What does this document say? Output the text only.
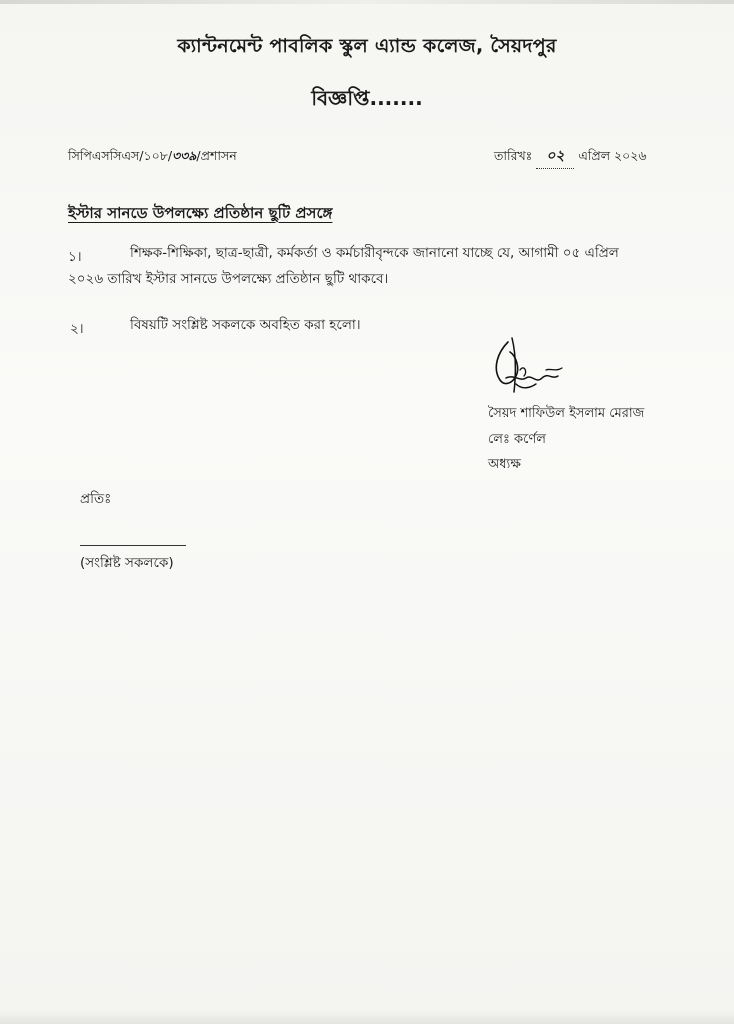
ক্যান্টনমেন্ট পাবলিক স্কুল এ্যান্ড কলেজ, সৈয়দপুর
বিজ্ঞপ্তি.......
সিপিএসসিএস/১০৮/৩৩৯/প্রশাসন	তারিখঃ ০২ এপ্রিল ২০২৬
ইস্টার সানডে উপলক্ষ্যে প্রতিষ্ঠান ছুটি প্রসঙ্গে
১।	শিক্ষক-শিক্ষিকা, ছাত্র-ছাত্রী, কর্মকর্তা ও কর্মচারীবৃন্দকে জানানো যাচ্ছে যে, আগামী ০৫ এপ্রিল
২০২৬ তারিখ ইস্টার সানডে উপলক্ষ্যে প্রতিষ্ঠান ছুটি থাকবে।
২।	বিষয়টি সংশ্লিষ্ট সকলকে অবহিত করা হলো।
সৈয়দ শাফিউল ইসলাম মেরাজ
লেঃ কর্ণেল
অধ্যক্ষ
প্রতিঃ
(সংশ্লিষ্ট সকলকে)
